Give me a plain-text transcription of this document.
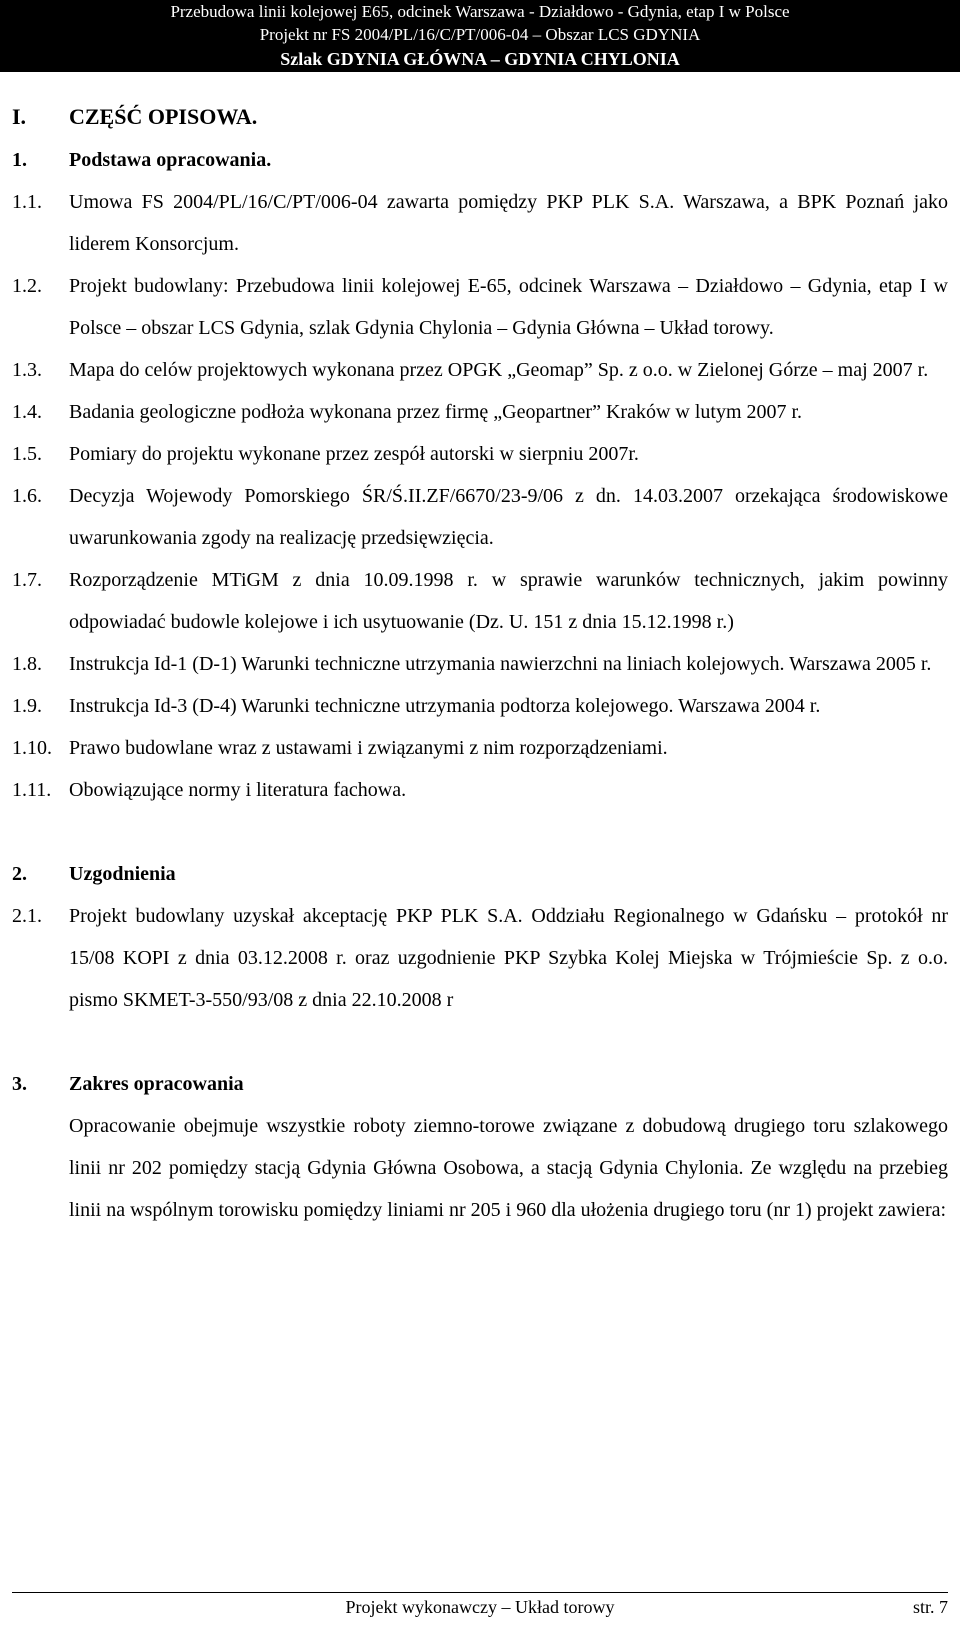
Przebudowa linii kolejowej E65, odcinek Warszawa - Działdowo - Gdynia, etap I w Polsce
Projekt nr FS 2004/PL/16/C/PT/006-04 – Obszar LCS GDYNIA
Szlak GDYNIA GŁÓWNA – GDYNIA CHYLONIA
I.	CZĘŚĆ OPISOWA.
1.	Podstawa opracowania.
1.1.	Umowa FS 2004/PL/16/C/PT/006-04 zawarta pomiędzy PKP PLK S.A. Warszawa, a BPK Poznań jako liderem Konsorcjum.
1.2.	Projekt budowlany: Przebudowa linii kolejowej E-65, odcinek Warszawa – Działdowo – Gdynia, etap I w Polsce – obszar LCS Gdynia, szlak Gdynia Chylonia – Gdynia Główna – Układ torowy.
1.3.	Mapa do celów projektowych wykonana przez OPGK „Geomap” Sp. z o.o. w Zielonej Górze – maj 2007 r.
1.4.	Badania geologiczne podłoża wykonana przez firmę „Geopartner” Kraków w lutym 2007 r.
1.5.	Pomiary do projektu wykonane przez zespół autorski w sierpniu 2007r.
1.6.	Decyzja Wojewody Pomorskiego ŚR/Ś.II.ZF/6670/23-9/06 z dn. 14.03.2007 orzekająca środowiskowe uwarunkowania zgody na realizację przedsięwzięcia.
1.7.	Rozporządzenie MTiGM z dnia 10.09.1998 r. w sprawie warunków technicznych, jakim powinny odpowiadać budowle kolejowe i ich usytuowanie (Dz. U. 151 z dnia 15.12.1998 r.)
1.8.	Instrukcja Id-1 (D-1) Warunki techniczne utrzymania nawierzchni na liniach kolejowych. Warszawa 2005 r.
1.9.	Instrukcja Id-3 (D-4) Warunki techniczne utrzymania podtorza kolejowego. Warszawa 2004 r.
1.10. Prawo budowlane wraz z ustawami i związanymi z nim rozporządzeniami.
1.11. Obowiązujące normy i literatura fachowa.
2.	Uzgodnienia
2.1.	Projekt budowlany uzyskał akceptację PKP PLK S.A. Oddziału Regionalnego w Gdańsku – protokół nr 15/08 KOPI z dnia 03.12.2008 r. oraz uzgodnienie PKP Szybka Kolej Miejska w Trójmieście Sp. z o.o. pismo SKMET-3-550/93/08 z dnia 22.10.2008 r
3.	Zakres opracowania
Opracowanie obejmuje wszystkie roboty ziemno-torowe związane z dobudową drugiego toru szlakowego linii nr 202 pomiędzy stacją Gdynia Główna Osobowa, a stacją Gdynia Chylonia. Ze względu na przebieg linii na wspólnym torowisku pomiędzy liniami nr 205 i 960 dla ułożenia drugiego toru (nr 1) projekt zawiera:
Projekt wykonawczy – Układ torowy	str. 7
